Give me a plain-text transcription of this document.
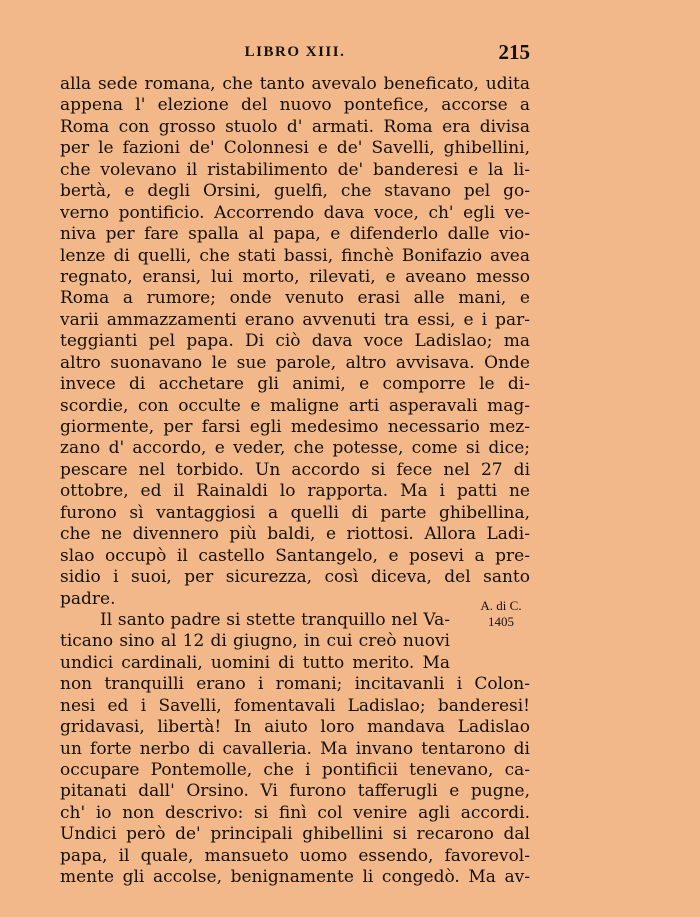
LIBRO XIII.	215
alla sede romana, che tanto avevalo beneficato, udita
appena l' elezione del nuovo pontefice, accorse a
Roma con grosso stuolo d' armati. Roma era divisa
per le fazioni de' Colonnesi e de' Savelli, ghibellini,
che volevano il ristabilimento de' banderesi e la li-
bertà, e degli Orsini, guelfi, che stavano pel go-
verno pontificio. Accorrendo dava voce, ch' egli ve-
niva per fare spalla al papa, e difenderlo dalle vio-
lenze di quelli, che stati bassi, finchè Bonifazio avea
regnato, eransi, lui morto, rilevati, e aveano messo
Roma a rumore; onde venuto erasi alle mani, e
varii ammazzamenti erano avvenuti tra essi, e i par-
teggianti pel papa. Di ciò dava voce Ladislao; ma
altro suonavano le sue parole, altro avvisava. Onde
invece di acchetare gli animi, e comporre le di-
scordie, con occulte e maligne arti asperavali mag-
giormente, per farsi egli medesimo necessario mez-
zano d' accordo, e veder, che potesse, come si dice;
pescare nel torbido. Un accordo si fece nel 27 di
ottobre, ed il Rainaldi lo rapporta. Ma i patti ne
furono sì vantaggiosi a quelli di parte ghibellina,
che ne divennero più baldi, e riottosi. Allora Ladi-
slao occupò il castello Santangelo, e posevi a pre-
sidio i suoi, per sicurezza, così diceva, del santo
padre.
Il santo padre si stette tranquillo nel Va-
ticano sino al 12 di giugno, in cui creò nuovi
undici cardinali, uomini di tutto merito. Ma
non tranquilli erano i romani; incitavanli i Colon-
nesi ed i Savelli, fomentavali Ladislao; banderesi!
gridavasi, libertà! In aiuto loro mandava Ladislao
un forte nerbo di cavalleria. Ma invano tentarono di
occupare Pontemolle, che i pontificii tenevano, ca-
pitanati dall' Orsino. Vi furono tafferugli e pugne,
ch' io non descrivo: si finì col venire agli accordi.
Undici però de' principali ghibellini si recarono dal
papa, il quale, mansueto uomo essendo, favorevol-
mente gli accolse, benignamente li congedò. Ma av-
A. di C.
1405
